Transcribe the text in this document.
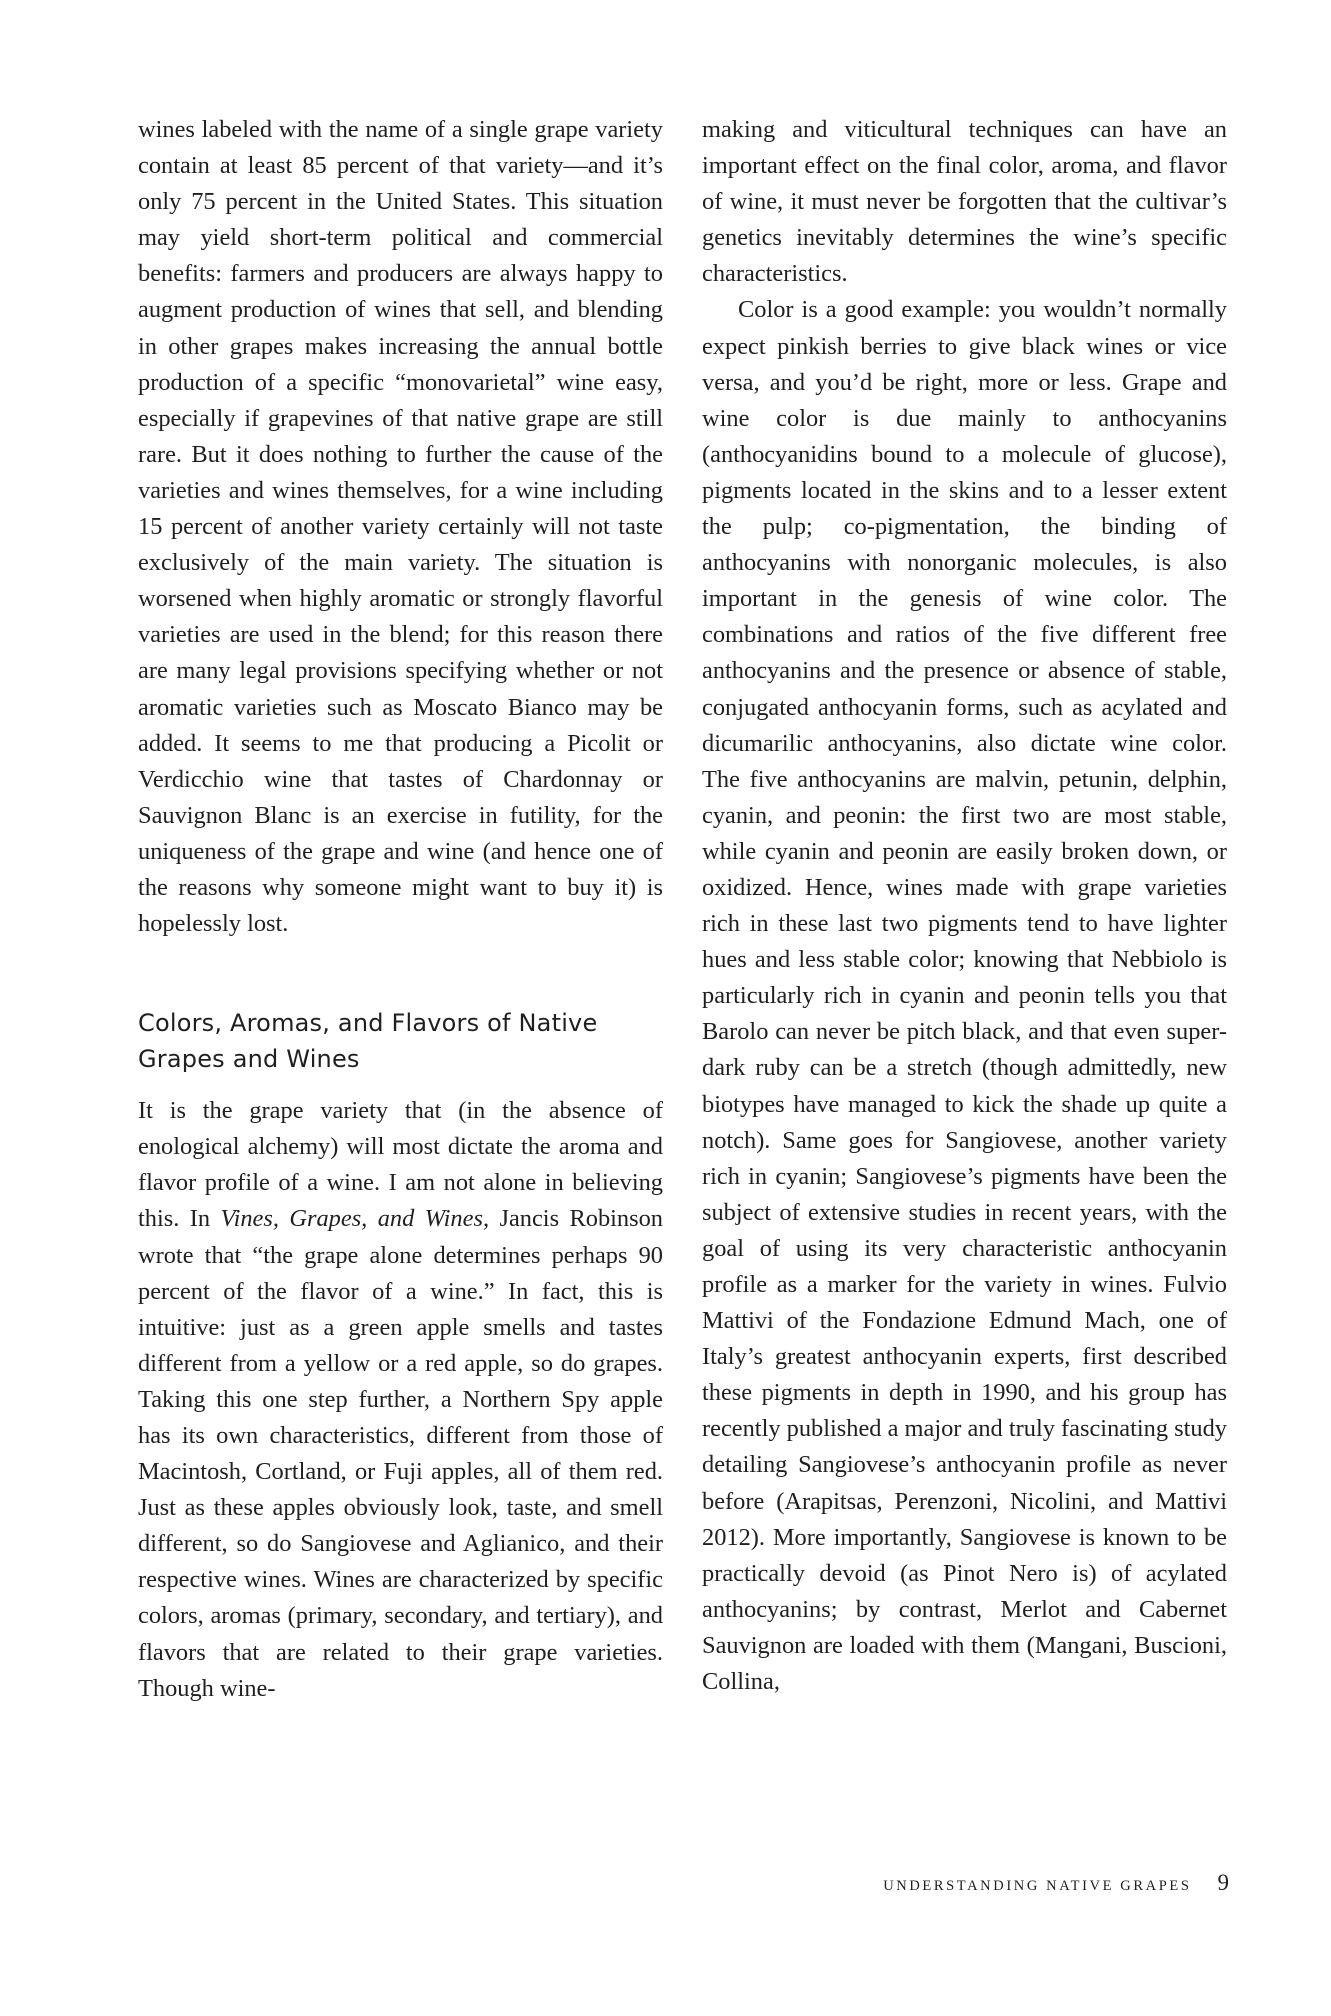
wines labeled with the name of a single grape variety contain at least 85 percent of that variety—and it’s only 75 percent in the United States. This situation may yield short-term political and commercial benefits: farmers and producers are always happy to augment production of wines that sell, and blending in other grapes makes increasing the annual bottle production of a specific “monovarietal” wine easy, especially if grapevines of that native grape are still rare. But it does nothing to further the cause of the varieties and wines themselves, for a wine including 15 percent of another variety certainly will not taste exclusively of the main variety. The situation is worsened when highly aromatic or strongly flavorful varieties are used in the blend; for this reason there are many legal provisions specifying whether or not aromatic varieties such as Moscato Bianco may be added. It seems to me that producing a Picolit or Verdicchio wine that tastes of Chardonnay or Sauvignon Blanc is an exercise in futility, for the uniqueness of the grape and wine (and hence one of the reasons why someone might want to buy it) is hopelessly lost.

Colors, Aromas, and Flavors of Native
Grapes and Wines

It is the grape variety that (in the absence of enological alchemy) will most dictate the aroma and flavor profile of a wine. I am not alone in believing this. In Vines, Grapes, and Wines, Jancis Robinson wrote that “the grape alone determines perhaps 90 percent of the flavor of a wine.” In fact, this is intuitive: just as a green apple smells and tastes different from a yellow or a red apple, so do grapes. Taking this one step further, a Northern Spy apple has its own characteristics, different from those of Macintosh, Cortland, or Fuji apples, all of them red. Just as these apples obviously look, taste, and smell different, so do Sangiovese and Aglianico, and their respective wines. Wines are characterized by specific colors, aromas (primary, secondary, and tertiary), and flavors that are related to their grape varieties. Though wine-

making and viticultural techniques can have an important effect on the final color, aroma, and flavor of wine, it must never be forgotten that the cultivar’s genetics inevitably determines the wine’s specific characteristics.

Color is a good example: you wouldn’t normally expect pinkish berries to give black wines or vice versa, and you’d be right, more or less. Grape and wine color is due mainly to anthocyanins (anthocyanidins bound to a molecule of glucose), pigments located in the skins and to a lesser extent the pulp; co-pigmentation, the binding of anthocyanins with nonorganic molecules, is also important in the genesis of wine color. The combinations and ratios of the five different free anthocyanins and the presence or absence of stable, conjugated anthocyanin forms, such as acylated and dicumarilic anthocyanins, also dictate wine color. The five anthocyanins are malvin, petunin, delphin, cyanin, and peonin: the first two are most stable, while cyanin and peonin are easily broken down, or oxidized. Hence, wines made with grape varieties rich in these last two pigments tend to have lighter hues and less stable color; knowing that Nebbiolo is particularly rich in cyanin and peonin tells you that Barolo can never be pitch black, and that even super-dark ruby can be a stretch (though admittedly, new biotypes have managed to kick the shade up quite a notch). Same goes for Sangiovese, another variety rich in cyanin; Sangiovese’s pigments have been the subject of extensive studies in recent years, with the goal of using its very characteristic anthocyanin profile as a marker for the variety in wines. Fulvio Mattivi of the Fondazione Edmund Mach, one of Italy’s greatest anthocyanin experts, first described these pigments in depth in 1990, and his group has recently published a major and truly fascinating study detailing Sangiovese’s anthocyanin profile as never before (Arapitsas, Perenzoni, Nicolini, and Mattivi 2012). More importantly, Sangiovese is known to be practically devoid (as Pinot Nero is) of acylated anthocyanins; by contrast, Merlot and Cabernet Sauvignon are loaded with them (Mangani, Buscioni, Collina,

UNDERSTANDING NATIVE GRAPES 9
